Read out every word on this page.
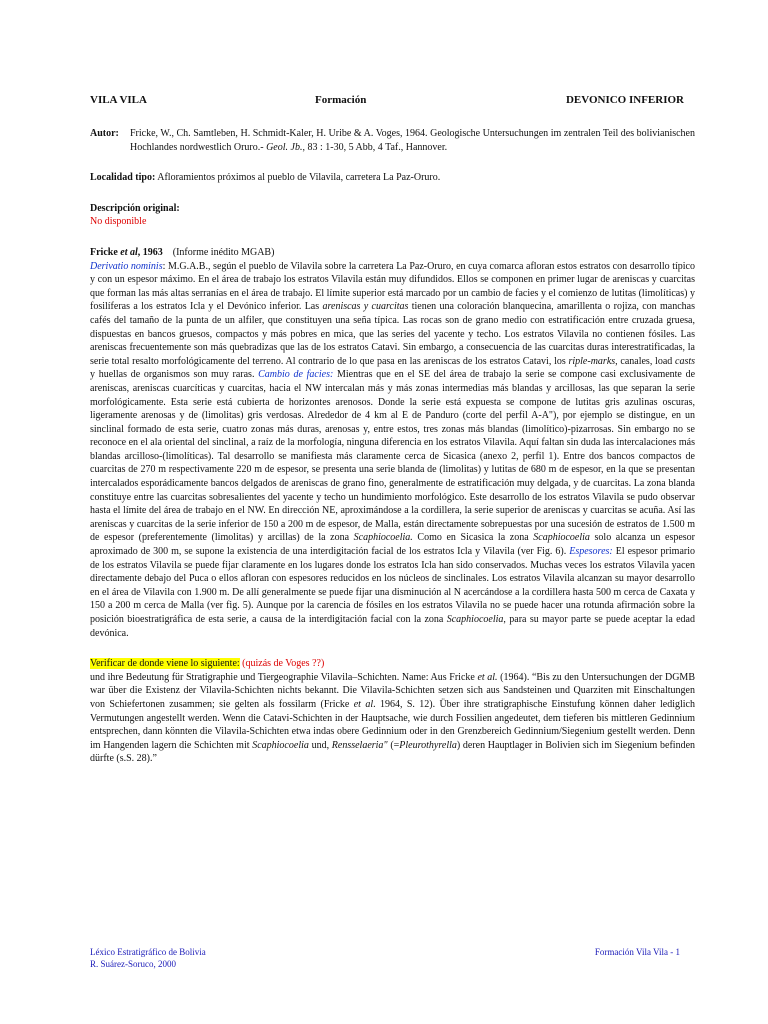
VILA VILA	Formación	DEVONICO INFERIOR
Autor:	Fricke, W., Ch. Samtleben, H. Schmidt-Kaler, H. Uribe & A. Voges, 1964. Geologische Untersuchungen im zentralen Teil des bolivianischen Hochlandes nordwestlich Oruro.- Geol. Jb., 83 : 1-30, 5 Abb, 4 Taf., Hannover.

Localidad tipo: Afloramientos próximos al pueblo de Vilavila, carretera La Paz-Oruro.

Descripción original:
No disponible

Fricke et al, 1963    (Informe inédito MGAB)

Derivatio nominis: M.G.A.B., según el pueblo de Vilavila sobre la carretera La Paz-Oruro, en cuya comarca afloran estos estratos con desarrollo típico y con un espesor máximo. En el área de trabajo los estratos Vilavila están muy difundidos. Ellos se componen en primer lugar de areniscas y cuarcitas que forman las más altas serranías en el área de trabajo. El límite superior está marcado por un cambio de facies y el comienzo de lutitas (limolíticas) y fosilíferas a los estratos Icla y el Devónico inferior. Las areniscas y cuarcitas tienen una coloración blanquecina, amarillenta o rojiza, con manchas cafés del tamaño de la punta de un alfiler, que constituyen una seña típica. Las rocas son de grano medio con estratificación entre cruzada gruesa, dispuestas en bancos gruesos, compactos y más pobres en mica, que las series del yacente y techo. Los estratos Vilavila no contienen fósiles. Las areniscas frecuentemente son más quebradizas que las de los estratos Catavi. Sin embargo, a consecuencia de las cuarcitas duras interestratificadas, la serie total resalto morfológicamente del terreno. Al contrario de lo que pasa en las areniscas de los estratos Catavi, los riple-marks, canales, load casts y huellas de organismos son muy raras. Cambio de facies: Mientras que en el SE del área de trabajo la serie se compone casi exclusivamente de areniscas, areniscas cuarcíticas y cuarcitas, hacia el NW intercalan más y más zonas intermedias más blandas y arcillosas, las que separan la serie morfológicamente. Esta serie está cubierta de horizontes arenosos. Donde la serie está expuesta se compone de lutitas gris azulinas oscuras, ligeramente arenosas y de (limolitas) gris verdosas. Alrededor de 4 km al E de Panduro (corte del perfil A-A"), por ejemplo se distingue, en un sinclinal formado de esta serie, cuatro zonas más duras, arenosas y, entre estos, tres zonas más blandas (limolítico)-pizarrosas. Sin embargo no se reconoce en el ala oriental del sinclinal, a raíz de la morfología, ninguna diferencia en los estratos Vilavila. Aquí faltan sin duda las intercalaciones más blandas arcilloso-(limolíticas). Tal desarrollo se manifiesta más claramente cerca de Sicasica (anexo 2, perfil 1). Entre dos bancos compactos de cuarcitas de 270 m respectivamente 220 m de espesor, se presenta una serie blanda de (limolitas) y lutitas de 680 m de espesor, en la que se presentan intercalados esporádicamente bancos delgados de areniscas de grano fino, generalmente de estratificación muy delgada, y de cuarcitas. La zona blanda constituye entre las cuarcitas sobresalientes del yacente y techo un hundimiento morfológico. Este desarrollo de los estratos Vilavila se pudo observar hasta el límite del área de trabajo en el NW. En dirección NE, aproximándose a la cordillera, la serie superior de areniscas y cuarcitas se acuña. Así las areniscas y cuarcitas de la serie inferior de 150 a 200 m de espesor, de Malla, están directamente sobrepuestas por una sucesión de estratos de 1.500 m de espesor (preferentemente (limolitas) y arcillas) de la zona Scaphiocoelia. Como en Sicasica la zona Scaphiocoelia solo alcanza un espesor aproximado de 300 m, se supone la existencia de una interdigitación facial de los estratos Icla y Vilavila (ver Fig. 6). Espesores: El espesor primario de los estratos Vilavila se puede fijar claramente en los lugares donde los estratos Icla han sido conservados. Muchas veces los estratos Vilavila yacen directamente debajo del Puca o ellos afloran con espesores reducidos en los núcleos de sinclinales. Los estratos Vilavila alcanzan su mayor desarrollo en el área de Vilavila con 1.900 m. De allí generalmente se puede fijar una disminución al N acercándose a la cordillera hasta 500 m cerca de Caxata y 150 a 200 m cerca de Malla (ver fig. 5). Aunque por la carencia de fósiles en los estratos Vilavila no se puede hacer una rotunda afirmación sobre la posición bioestratigráfica de esta serie, a causa de la interdigitación facial con la zona Scaphiocoelia, para su mayor parte se puede aceptar la edad devónica.

Verificar de donde viene lo siguiente: (quizás de Voges ??)

und ihre Bedeutung für Stratigraphie und Tiergeographie Vilavila–Schichten. Name: Aus Fricke et al. (1964). “Bis zu den Untersuchungen der DGMB war über die Existenz der Vilavila-Schichten nichts bekannt. Die Vilavila-Schichten setzen sich aus Sandsteinen und Quarziten mit Einschaltungen von Schiefertonen zusammen; sie gelten als fossilarm (Fricke et al. 1964, S. 12). Über ihre stratigraphische Einstufung können daher lediglich Vermutungen angestellt werden. Wenn die Catavi-Schichten in der Hauptsache, wie durch Fossilien angedeutet, dem tieferen bis mittleren Gedinnium entsprechen, dann könnten die Vilavila-Schichten etwa indas obere Gedinnium oder in den Grenzbereich Gedinnium/Siegenium gestellt werden. Denn im Hangenden lagern die Schichten mit Scaphiocoelia und, Rensselaeria" (=Pleurothyrella) deren Hauptlager in Bolivien sich im Siegenium befinden dürfte (s.S. 28).”

Léxico Estratigráfico de Bolivia
R. Suárez-Soruco, 2000
Formación Vila Vila - 1
